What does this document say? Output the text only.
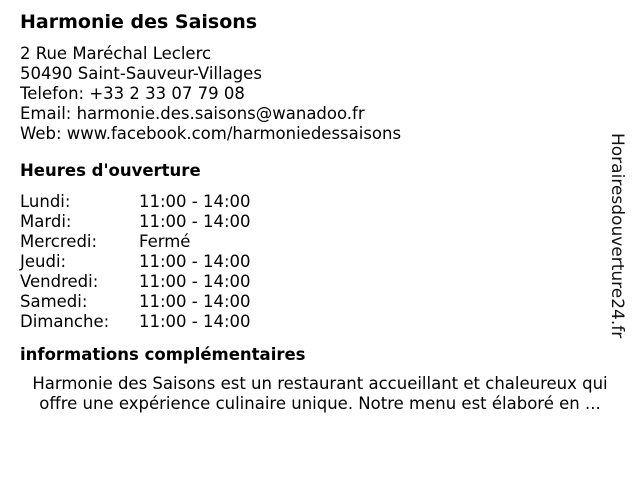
Harmonie des Saisons
2 Rue Maréchal Leclerc
50490 Saint-Sauveur-Villages
Telefon: +33 2 33 07 79 08
Email: harmonie.des.saisons@wanadoo.fr
Web: www.facebook.com/harmoniedessaisons
Heures d'ouverture
Lundi:	11:00 - 14:00
Mardi:	11:00 - 14:00
Mercredi:	Fermé
Jeudi:	11:00 - 14:00
Vendredi: 11:00 - 14:00
Samedi:	11:00 - 14:00
Dimanche: 11:00 - 14:00
informations complémentaires
Harmonie des Saisons est un restaurant accueillant et chaleureux qui
offre une expérience culinaire unique. Notre menu est élaboré en ...
Horairesdouverture24.fr
